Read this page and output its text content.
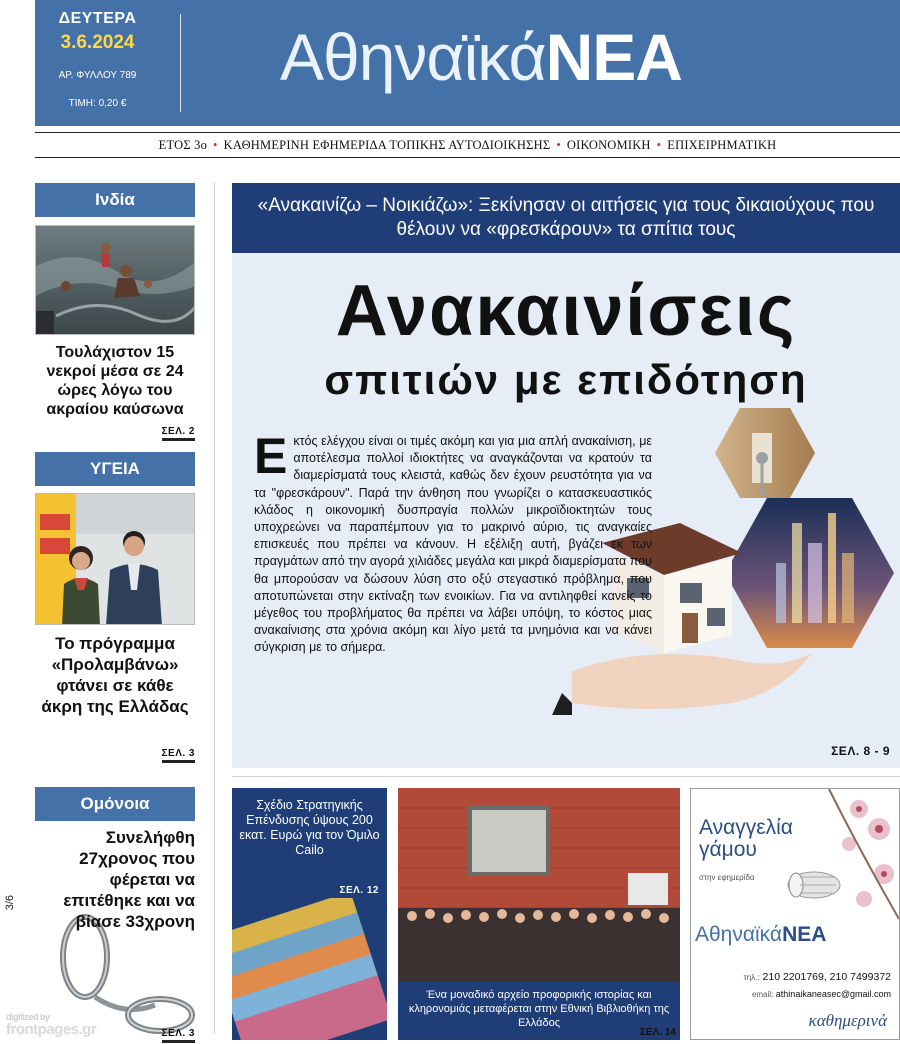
ΔΕΥΤΕΡΑ
3.6.2024
ΑΡ. ΦΥΛΛΟΥ 789
ΤΙΜΗ: 0,20 €
ΑθηναϊκάΝΕΑ
ΕΤΟΣ 3ο • ΚΑΘΗΜΕΡΙΝΗ ΕΦΗΜΕΡΙΔΑ ΤΟΠΙΚΗΣ ΑΥΤΟΔΙΟΙΚΗΣΗΣ • ΟΙΚΟΝΟΜΙΚΗ • ΕΠΙΧΕΙΡΗΜΑΤΙΚΗ
Ινδία
Τουλάχιστον 15 νεκροί μέσα σε 24 ώρες λόγω του ακραίου καύσωνα
ΣΕΛ. 2
ΥΓΕΙΑ
Το πρόγραμμα «Προλαμβάνω» φτάνει σε κάθε άκρη της Ελλάδας
ΣΕΛ. 3
Ομόνοια
Συνελήφθη 27χρονος που φέρεται να επιτέθηκε και να βίασε 33χρονη
ΣΕΛ. 3
«Ανακαινίζω – Νοικιάζω»: Ξεκίνησαν οι αιτήσεις για τους δικαιούχους που θέλουν να «φρεσκάρουν» τα σπίτια τους
Ανακαινίσεις
σπιτιών με επιδότηση
Εκτός ελέγχου είναι οι τιμές ακόμη και για μια απλή ανακαίνιση, με αποτέλεσμα πολλοί ιδιοκτήτες να αναγκάζονται να κρατούν τα διαμερίσματά τους κλειστά, καθώς δεν έχουν ρευστότητα για να τα "φρεσκάρουν". Παρά την άνθηση που γνωρίζει ο κατασκευαστικός κλάδος η οικονομική δυσπραγία πολλών μικροϊδιοκτητών τους υποχρεώνει να παραπέμπουν για το μακρινό αύριο, τις αναγκαίες επισκευές που πρέπει να κάνουν. Η εξέλιξη αυτή, βγάζει εκ των πραγμάτων από την αγορά χιλιάδες μεγάλα και μικρά διαμερίσματα που θα μπορούσαν να δώσουν λύση στο οξύ στεγαστικό πρόβλημα, που αποτυπώνεται στην εκτίναξη των ενοικίων. Για να αντιληφθεί κανείς το μέγεθος του προβλήματος θα πρέπει να λάβει υπόψη, το κόστος μιας ανακαίνισης στα χρόνια ακόμη και λίγο μετά τα μνημόνια και να κάνει σύγκριση με το σήμερα.
ΣΕΛ. 8 - 9
Σχέδιο Στρατηγικής Επένδυσης ύψους 200 εκατ. Ευρώ για τον Όμιλο Cailo
ΣΕΛ. 12
Ένα μοναδικό αρχείο προφορικής ιστορίας και κληρονομιάς μεταφέρεται στην Εθνική Βιβλιοθήκη της Ελλάδος
ΣΕΛ. 14
Αναγγελία
γάμου
στην εφημερίδα
ΑθηναϊκάΝΕΑ
τηλ.: 210 2201769, 210 7499372
email: athinaikaneasec@gmail.com
καθημερινά
3/6
digitized by
frontpages.gr
